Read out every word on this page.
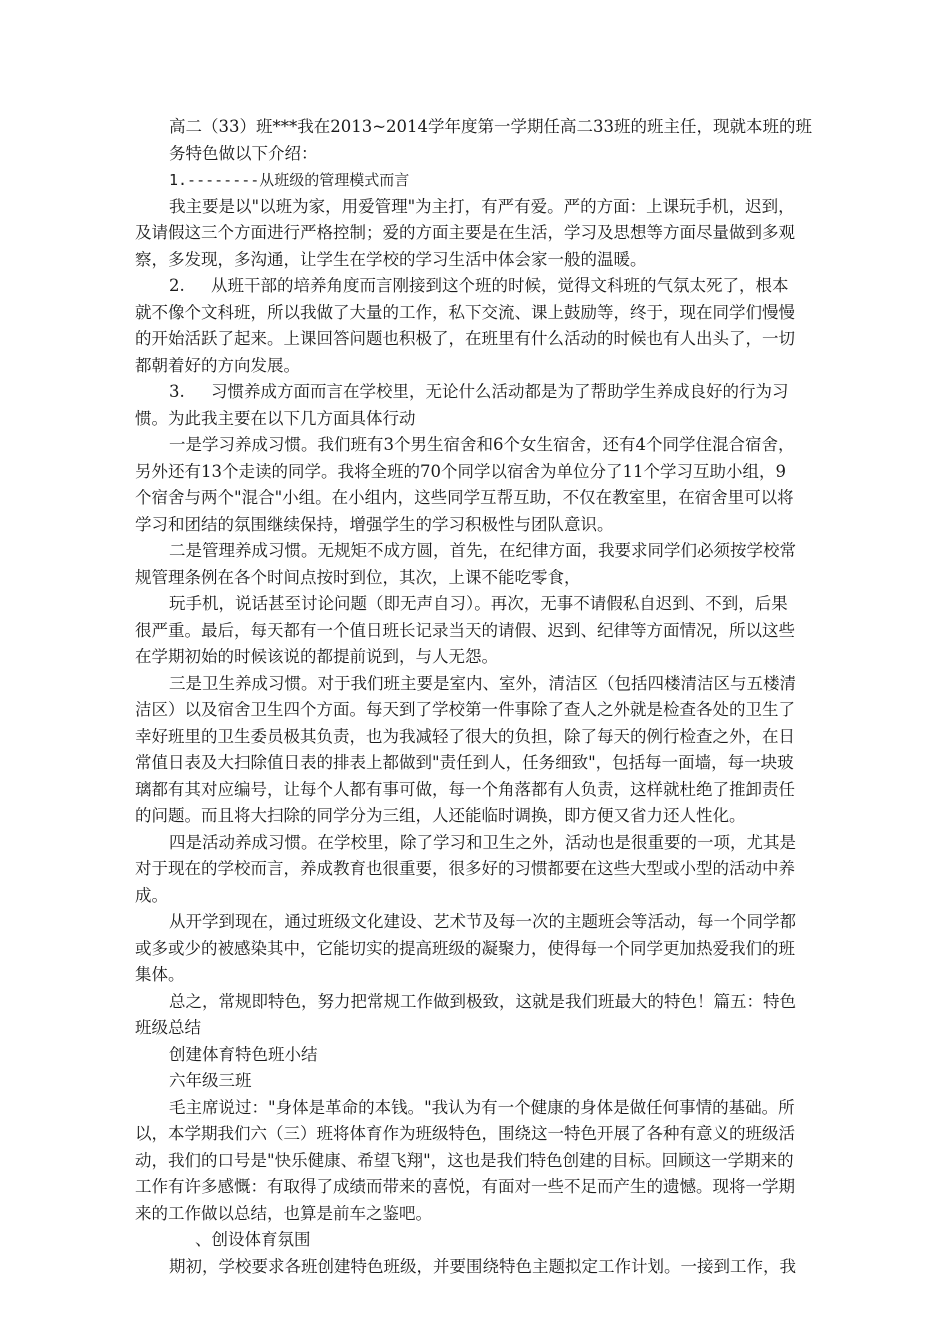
高二（33）班***我在2013~2014学年度第一学期任高二33班的班主任，现就本班的班
务特色做以下介绍：
1.--------从班级的管理模式而言
我主要是以"以班为家，用爱管理"为主打，有严有爱。严的方面：上课玩手机，迟到，
及请假这三个方面进行严格控制；爱的方面主要是在生活，学习及思想等方面尽量做到多观
察，多发现，多沟通，让学生在学校的学习生活中体会家一般的温暖。
2.     从班干部的培养角度而言刚接到这个班的时候，觉得文科班的气氛太死了，根本
就不像个文科班，所以我做了大量的工作，私下交流、课上鼓励等，终于，现在同学们慢慢
的开始活跃了起来。上课回答问题也积极了，在班里有什么活动的时候也有人出头了，一切
都朝着好的方向发展。
3.     习惯养成方面而言在学校里，无论什么活动都是为了帮助学生养成良好的行为习
惯。为此我主要在以下几方面具体行动
一是学习养成习惯。我们班有3个男生宿舍和6个女生宿舍，还有4个同学住混合宿舍，
另外还有13个走读的同学。我将全班的70个同学以宿舍为单位分了11个学习互助小组，9
个宿舍与两个"混合"小组。在小组内，这些同学互帮互助，不仅在教室里，在宿舍里可以将
学习和团结的氛围继续保持，增强学生的学习积极性与团队意识。
二是管理养成习惯。无规矩不成方圆，首先，在纪律方面，我要求同学们必须按学校常
规管理条例在各个时间点按时到位，其次，上课不能吃零食，
玩手机，说话甚至讨论问题（即无声自习）。再次，无事不请假私自迟到、不到，后果
很严重。最后，每天都有一个值日班长记录当天的请假、迟到、纪律等方面情况，所以这些
在学期初始的时候该说的都提前说到，与人无怨。
三是卫生养成习惯。对于我们班主要是室内、室外，清洁区（包括四楼清洁区与五楼清
洁区）以及宿舍卫生四个方面。每天到了学校第一件事除了查人之外就是检查各处的卫生了
幸好班里的卫生委员极其负责，也为我减轻了很大的负担，除了每天的例行检查之外，在日
常值日表及大扫除值日表的排表上都做到"责任到人，任务细致"，包括每一面墙，每一块玻
璃都有其对应编号，让每个人都有事可做，每一个角落都有人负责，这样就杜绝了推卸责任
的问题。而且将大扫除的同学分为三组，人还能临时调换，即方便又省力还人性化。
四是活动养成习惯。在学校里，除了学习和卫生之外，活动也是很重要的一项，尤其是
对于现在的学校而言，养成教育也很重要，很多好的习惯都要在这些大型或小型的活动中养
成。
从开学到现在，通过班级文化建设、艺术节及每一次的主题班会等活动，每一个同学都
或多或少的被感染其中，它能切实的提高班级的凝聚力，使得每一个同学更加热爱我们的班
集体。
总之，常规即特色，努力把常规工作做到极致，这就是我们班最大的特色！篇五：特色
班级总结
创建体育特色班小结
六年级三班
毛主席说过："身体是革命的本钱。"我认为有一个健康的身体是做任何事情的基础。所
以，本学期我们六（三）班将体育作为班级特色，围绕这一特色开展了各种有意义的班级活
动，我们的口号是"快乐健康、希望飞翔"，这也是我们特色创建的目标。回顾这一学期来的
工作有许多感慨：有取得了成绩而带来的喜悦，有面对一些不足而产生的遗憾。现将一学期
来的工作做以总结，也算是前车之鉴吧。
、创设体育氛围
期初，学校要求各班创建特色班级，并要围绕特色主题拟定工作计划。一接到工作，我
